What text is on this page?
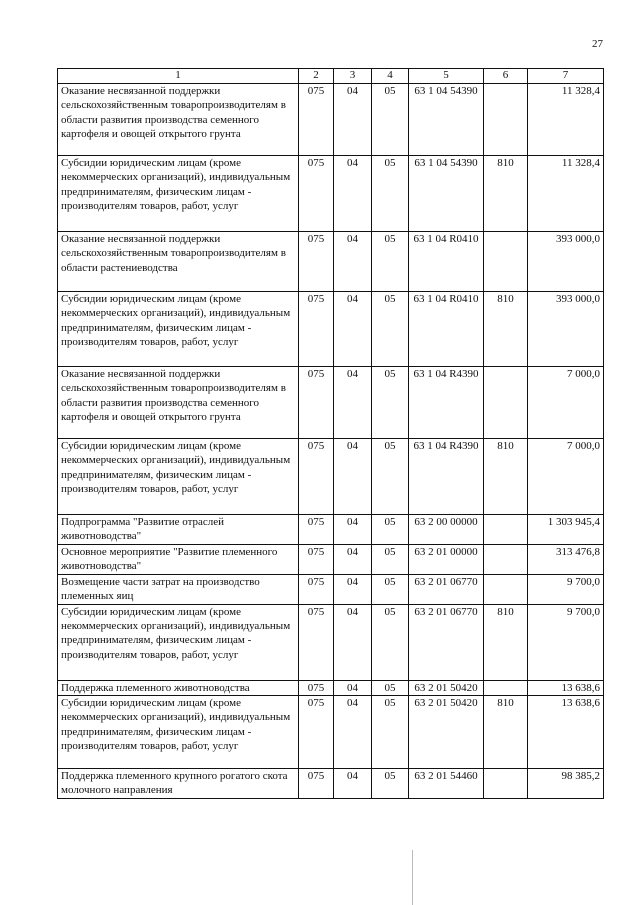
27
1	2	3	4	5	6	7
Оказание несвязанной поддержки сельскохозяйственным товаропроизводителям в области развития производства семенного картофеля и овощей открытого грунта	075	04	05	63 1 04 54390		11 328,4
Субсидии юридическим лицам (кроме некоммерческих организаций), индивидуальным предпринимателям, физическим лицам - производителям товаров, работ, услуг	075	04	05	63 1 04 54390	810	11 328,4
Оказание несвязанной поддержки сельскохозяйственным товаропроизводителям в области растениеводства	075	04	05	63 1 04 R0410		393 000,0
Субсидии юридическим лицам (кроме некоммерческих организаций), индивидуальным предпринимателям, физическим лицам - производителям товаров, работ, услуг	075	04	05	63 1 04 R0410	810	393 000,0
Оказание несвязанной поддержки сельскохозяйственным товаропроизводителям в области развития производства семенного картофеля и овощей открытого грунта	075	04	05	63 1 04 R4390		7 000,0
Субсидии юридическим лицам (кроме некоммерческих организаций), индивидуальным предпринимателям, физическим лицам - производителям товаров, работ, услуг	075	04	05	63 1 04 R4390	810	7 000,0
Подпрограмма "Развитие отраслей животноводства"	075	04	05	63 2 00 00000		1 303 945,4
Основное мероприятие "Развитие племенного животноводства"	075	04	05	63 2 01 00000		313 476,8
Возмещение части затрат на производство племенных яиц	075	04	05	63 2 01 06770		9 700,0
Субсидии юридическим лицам (кроме некоммерческих организаций), индивидуальным предпринимателям, физическим лицам - производителям товаров, работ, услуг	075	04	05	63 2 01 06770	810	9 700,0
Поддержка племенного животноводства	075	04	05	63 2 01 50420		13 638,6
Субсидии юридическим лицам (кроме некоммерческих организаций), индивидуальным предпринимателям, физическим лицам - производителям товаров, работ, услуг	075	04	05	63 2 01 50420	810	13 638,6
Поддержка племенного крупного рогатого скота молочного направления	075	04	05	63 2 01 54460		98 385,2
